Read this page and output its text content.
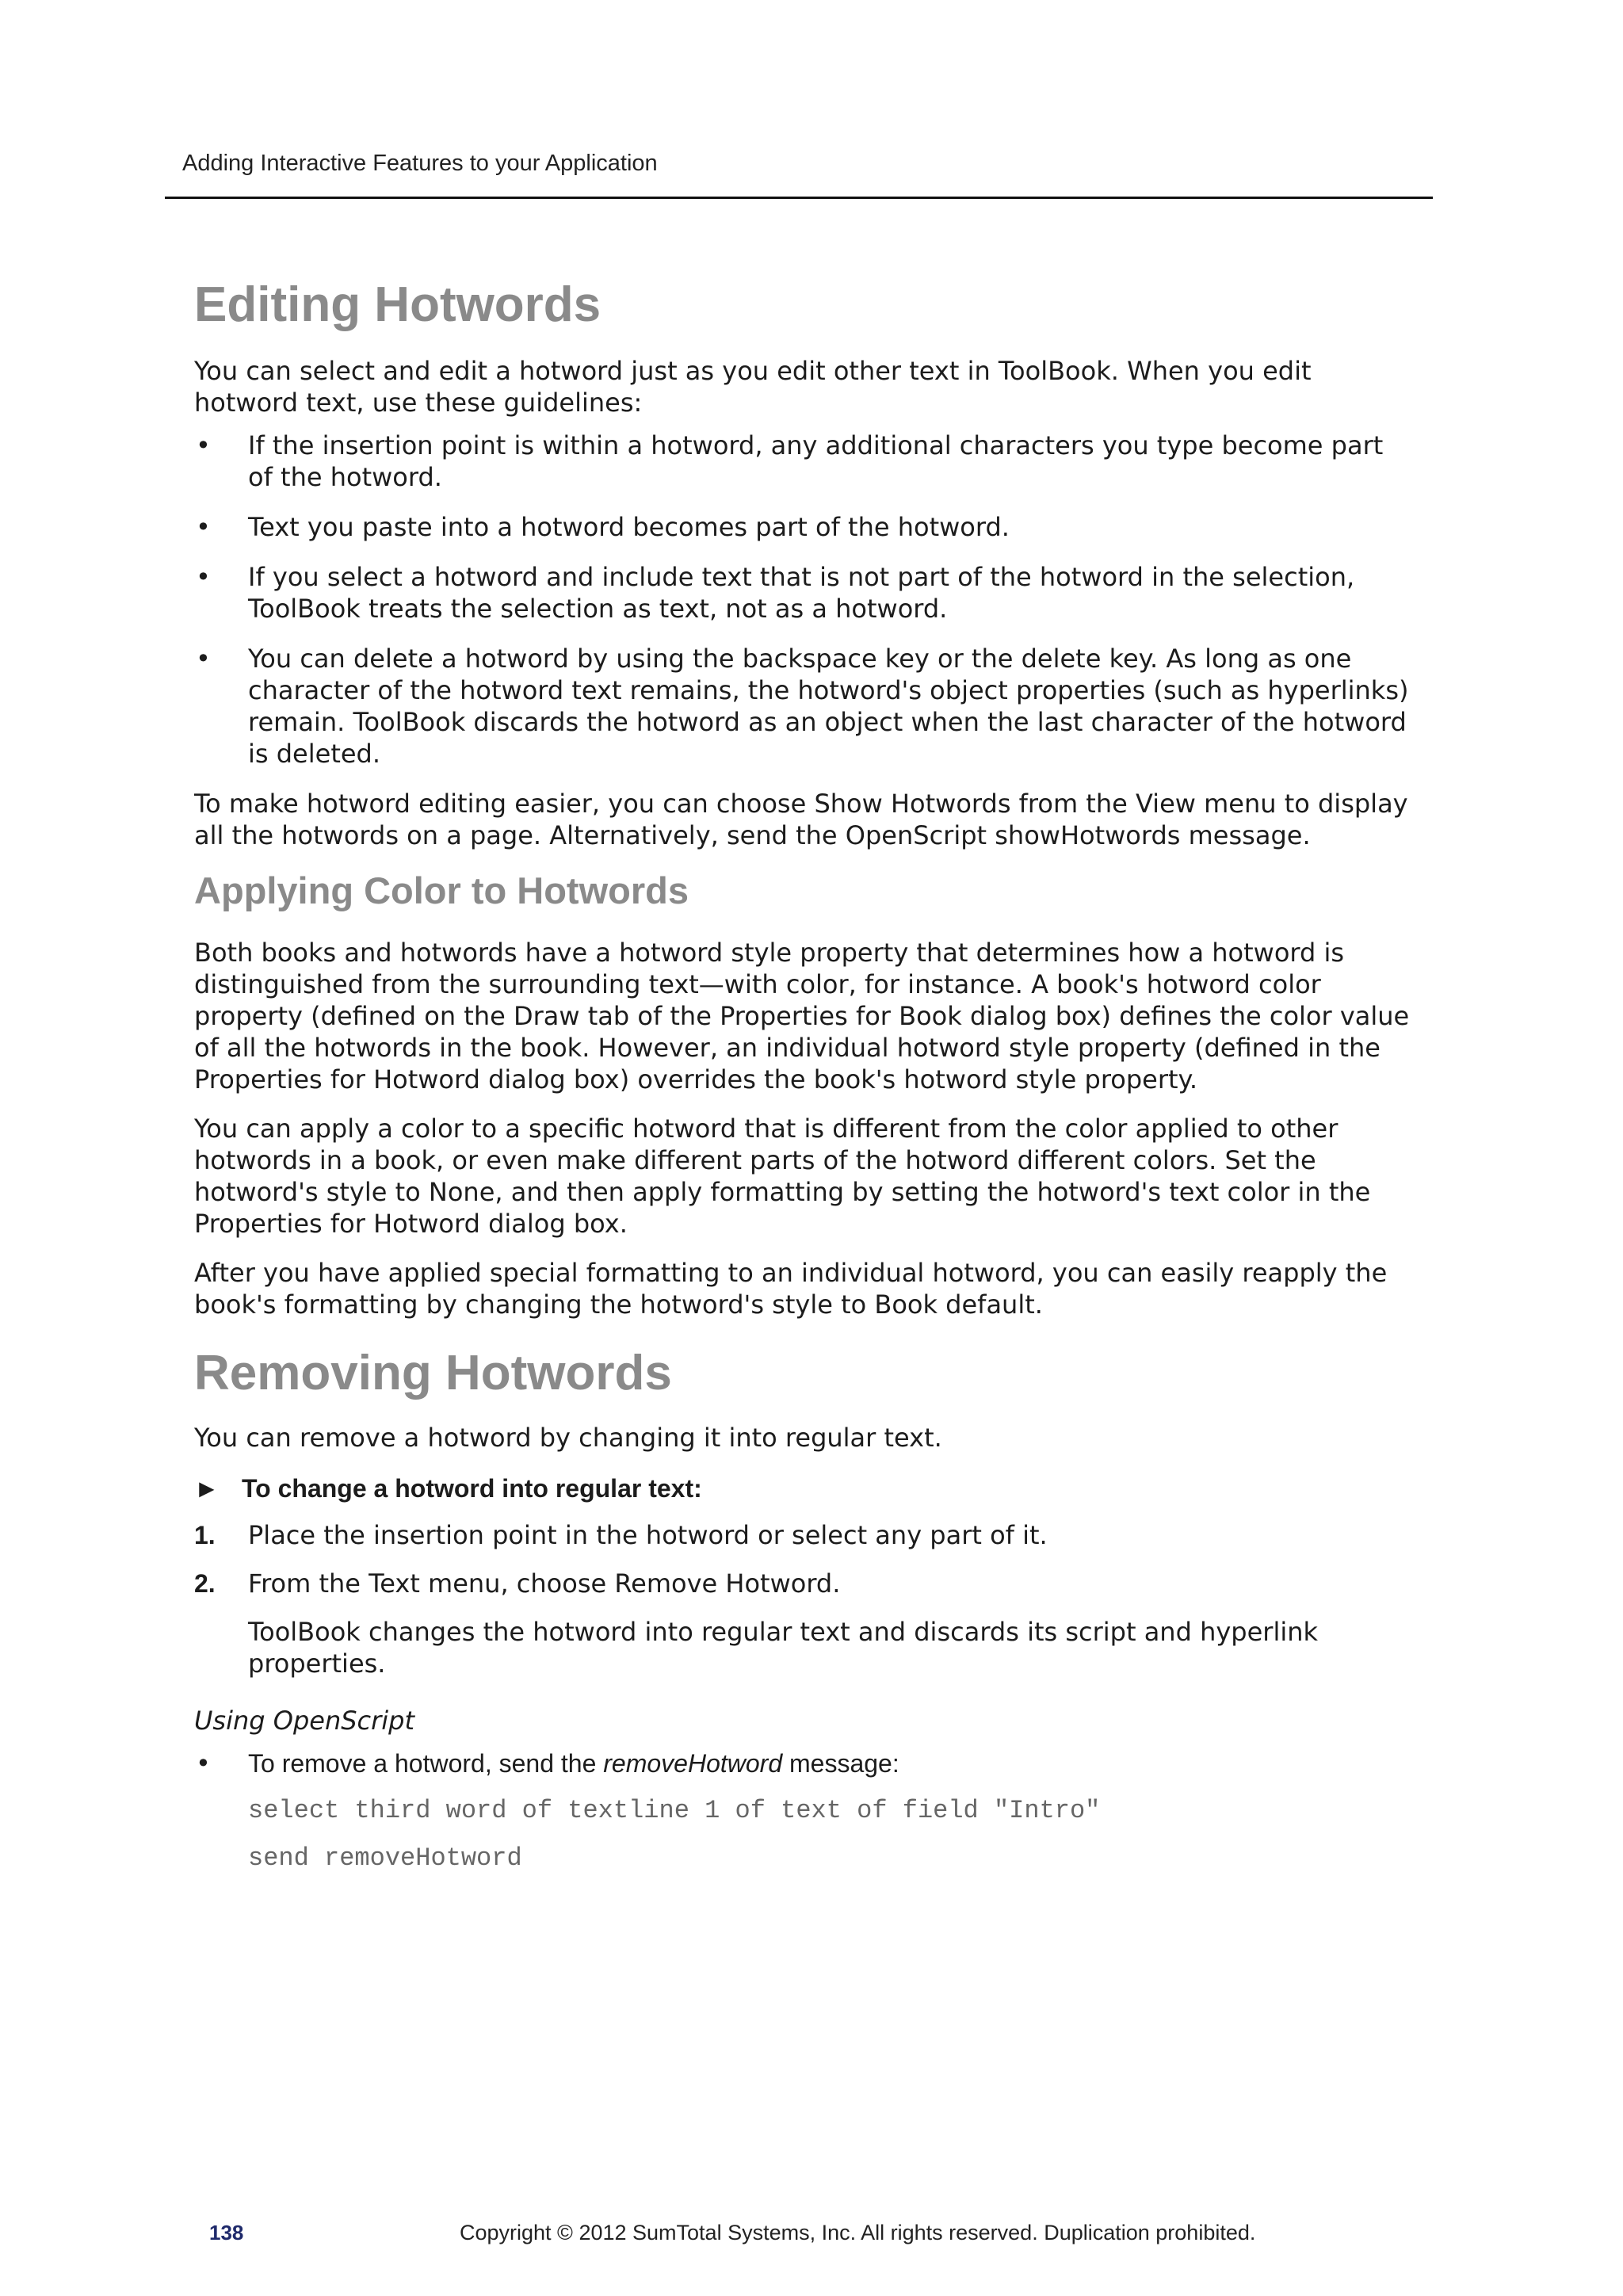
Adding Interactive Features to your Application
Editing Hotwords

You can select and edit a hotword just as you edit other text in ToolBook. When you edit hotword text, use these guidelines:

• If the insertion point is within a hotword, any additional characters you type become part of the hotword.
• Text you paste into a hotword becomes part of the hotword.
• If you select a hotword and include text that is not part of the hotword in the selection, ToolBook treats the selection as text, not as a hotword.
• You can delete a hotword by using the backspace key or the delete key. As long as one character of the hotword text remains, the hotword's object properties (such as hyperlinks) remain. ToolBook discards the hotword as an object when the last character of the hotword is deleted.

To make hotword editing easier, you can choose Show Hotwords from the View menu to display all the hotwords on a page. Alternatively, send the OpenScript showHotwords message.

Applying Color to Hotwords

Both books and hotwords have a hotword style property that determines how a hotword is distinguished from the surrounding text—with color, for instance. A book's hotword color property (defined on the Draw tab of the Properties for Book dialog box) defines the color value of all the hotwords in the book. However, an individual hotword style property (defined in the Properties for Hotword dialog box) overrides the book's hotword style property.

You can apply a color to a specific hotword that is different from the color applied to other hotwords in a book, or even make different parts of the hotword different colors. Set the hotword's style to None, and then apply formatting by setting the hotword's text color in the Properties for Hotword dialog box.

After you have applied special formatting to an individual hotword, you can easily reapply the book's formatting by changing the hotword's style to Book default.

Removing Hotwords

You can remove a hotword by changing it into regular text.

► To change a hotword into regular text:
1. Place the insertion point in the hotword or select any part of it.
2. From the Text menu, choose Remove Hotword.

ToolBook changes the hotword into regular text and discards its script and hyperlink properties.

Using OpenScript

• To remove a hotword, send the removeHotword message:

select third word of textline 1 of text of field "Intro"

send removeHotword

138	Copyright © 2012 SumTotal Systems, Inc. All rights reserved. Duplication prohibited.
